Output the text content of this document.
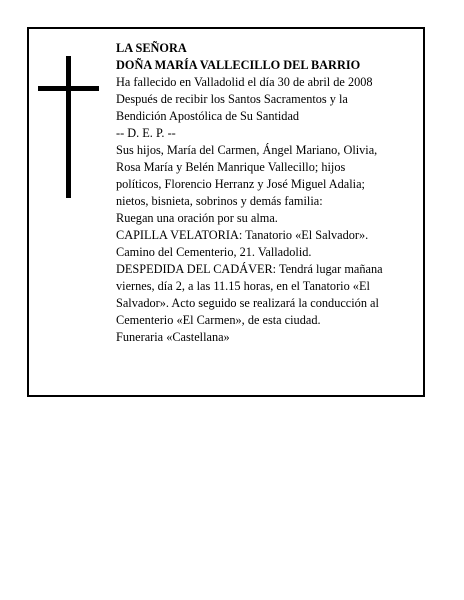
LA SEÑORA
DOÑA MARÍA VALLECILLO DEL BARRIO
Ha fallecido en Valladolid el día 30 de abril de 2008
Después de recibir los Santos Sacramentos y la
Bendición Apostólica de Su Santidad
-- D. E. P. --
Sus hijos, María del Carmen, Ángel Mariano, Olivia,
Rosa María y Belén Manrique Vallecillo; hijos
políticos, Florencio Herranz y José Miguel Adalia;
nietos, bisnieta, sobrinos y demás familia:
Ruegan una oración por su alma.
CAPILLA VELATORIA: Tanatorio «El Salvador».
Camino del Cementerio, 21. Valladolid.
DESPEDIDA DEL CADÁVER: Tendrá lugar mañana
viernes, día 2, a las 11.15 horas, en el Tanatorio «El
Salvador». Acto seguido se realizará la conducción al
Cementerio «El Carmen», de esta ciudad.
Funeraria «Castellana»
